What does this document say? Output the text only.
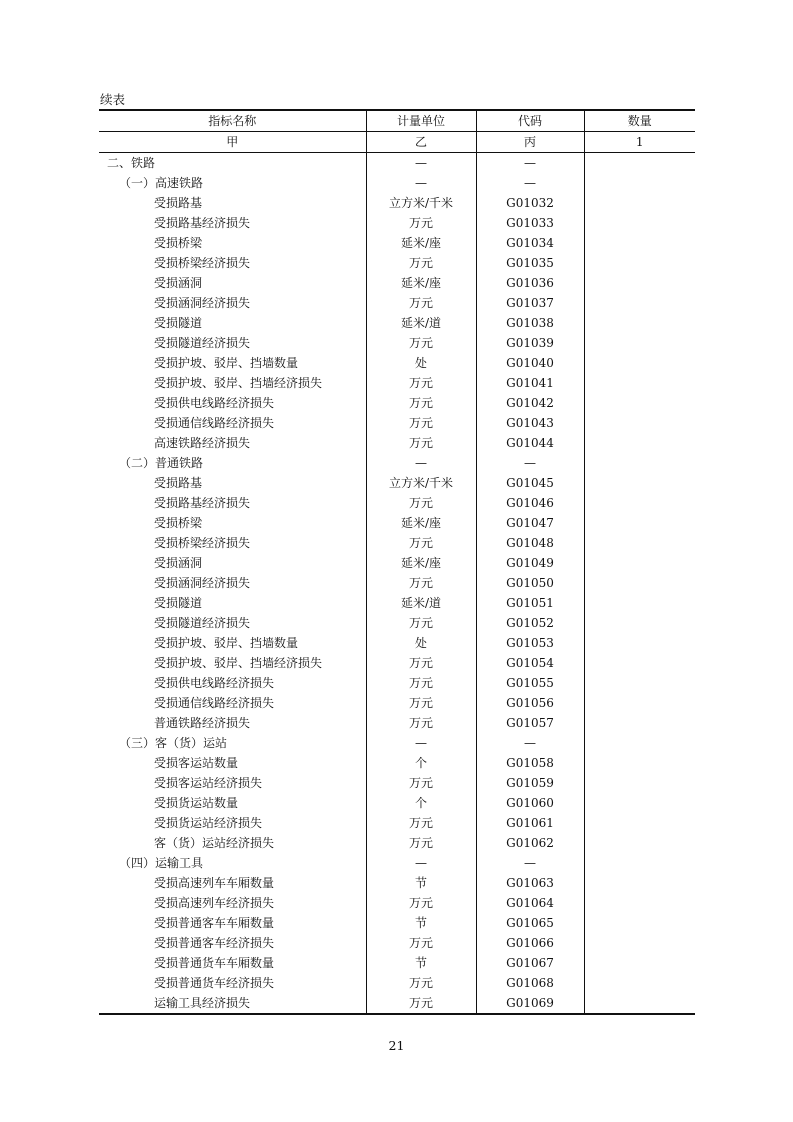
续表
指标名称	计量单位	代码	数量
甲	乙	丙	1
二、铁路	—	—	
（一）高速铁路	—	—	
受损路基	立方米/千米	G01032	
受损路基经济损失	万元	G01033	
受损桥梁	延米/座	G01034	
受损桥梁经济损失	万元	G01035	
受损涵洞	延米/座	G01036	
受损涵洞经济损失	万元	G01037	
受损隧道	延米/道	G01038	
受损隧道经济损失	万元	G01039	
受损护坡、驳岸、挡墙数量	处	G01040	
受损护坡、驳岸、挡墙经济损失	万元	G01041	
受损供电线路经济损失	万元	G01042	
受损通信线路经济损失	万元	G01043	
高速铁路经济损失	万元	G01044	
（二）普通铁路	—	—	
受损路基	立方米/千米	G01045	
受损路基经济损失	万元	G01046	
受损桥梁	延米/座	G01047	
受损桥梁经济损失	万元	G01048	
受损涵洞	延米/座	G01049	
受损涵洞经济损失	万元	G01050	
受损隧道	延米/道	G01051	
受损隧道经济损失	万元	G01052	
受损护坡、驳岸、挡墙数量	处	G01053	
受损护坡、驳岸、挡墙经济损失	万元	G01054	
受损供电线路经济损失	万元	G01055	
受损通信线路经济损失	万元	G01056	
普通铁路经济损失	万元	G01057	
（三）客（货）运站	—	—	
受损客运站数量	个	G01058	
受损客运站经济损失	万元	G01059	
受损货运站数量	个	G01060	
受损货运站经济损失	万元	G01061	
客（货）运站经济损失	万元	G01062	
（四）运输工具	—	—	
受损高速列车车厢数量	节	G01063	
受损高速列车经济损失	万元	G01064	
受损普通客车车厢数量	节	G01065	
受损普通客车经济损失	万元	G01066	
受损普通货车车厢数量	节	G01067	
受损普通货车经济损失	万元	G01068	
运输工具经济损失	万元	G01069	
21
